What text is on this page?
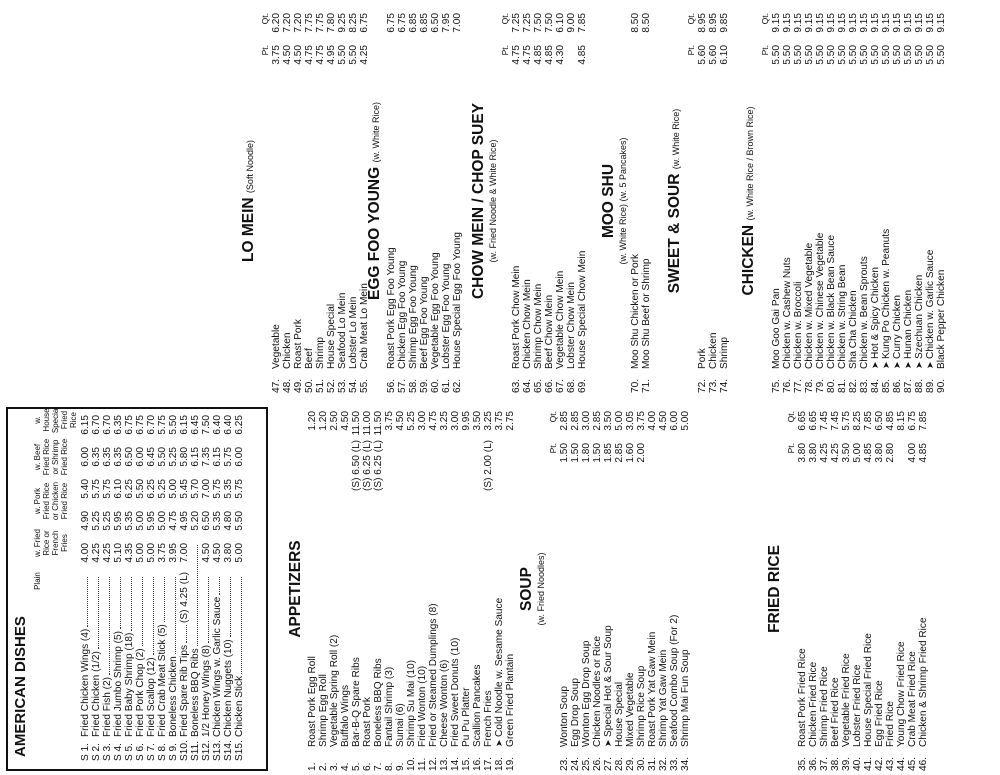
AMERICAN DISHES
Plain
w. Fried Rice or French Fries
w. Pork Fried Rice or Chicken Fried Rice
w. Beef Fried Rice or Shrimp Fried Rice
w. House Special Fried Rice
S 1.
Fried Chicken Wings (4)
4.00
4.90
5.40
6.00
6.15
S 2.
Fried Chicken (1/2)
4.25
5.25
5.75
6.35
6.70
S 3.
Fried Fish (2)
4.25
5.25
5.75
6.35
6.70
S 4.
Fried Jumbo Shrimp (5)
5.10
5.95
6.10
6.35
6.35
S 5.
Fried Baby Shrimp (18)
4.35
5.35
6.25
6.50
6.75
S 6.
Fried Pork Chop (2)
5.00
5.00
5.50
6.00
6.75
S 7.
Fried Scallop (12)
5.00
5.95
6.25
6.45
6.70
S 8.
Fried Crab Meat Stick (5)
3.75
5.00
5.25
5.50
5.75
S 9.
Boneless Chicken
3.95
4.75
5.00
5.25
5.50
S10.
Fried Spare Rib Tips
(S) 4.25 (L)
7.00
4.95
5.45
5.80
6.15
S11.
Boneless BBQ Ribs
5.20
5.70
6.15
6.45
S12.
1/2 Honey Wings (8)
4.50
6.50
7.00
7.35
7.50
S13.
Chicken Wings w. Garlic Sauce
4.50
5.35
5.75
6.15
6.40
S14.
Chicken Nuggets (10)
3.80
4.80
5.35
5.75
6.40
S15.
Chicken Stick
5.00
5.50
5.75
6.00
6.25
APPETIZERS
1.
Roast Pork Egg Roll
1.20
2.
Shrimp Egg Roll
1.20
3.
Vegetable Spring Roll (2)
2.50
4.
Buffalo Wings
4.50
5.
Bar-B-Q Spare Ribs
(S) 6.50 (L)
11.50
6.
Roast Pork
(S) 6.25 (L)
11.00
7.
Boneless BBQ Ribs
(S) 6.25 (L)
11.50
8.
Fantail Shrimp (3)
3.75
9.
Sumai (6)
4.50
10.
Shrimp Su Mai (10)
5.25
11.
Fried Wonton (10)
3.00
12.
Fried or Steamed Dumplings (8)
4.75
13.
Cheese Wonton (6)
3.25
14.
Fried Sweet Donuts (10)
3.00
15.
Pu Pu Platter
9.95
16.
Scallion Pancakes
3.50
17.
French Fries
(S) 2.00 (L)
3.25
18.
➤ Cold Noodle w. Sesame Sauce
3.75
19.
Green Fried Plantain
2.75
SOUP (w. Fried Noodles)
Pt.
Qt.
23.
Wonton Soup
1.50
2.85
24.
Egg Drop Soup
1.50
2.85
25.
Wonton Egg Drop Soup
1.80
3.00
26.
Chicken Noodles or Rice
1.50
2.85
27.
➤ Special Hot & Sour Soup
1.85
3.50
28.
House Special
2.85
5.00
29.
Mixed Vegetable
1.60
3.05
30.
Shrimp Rice Soup
2.00
3.75
31.
Roast Pork Yat Gaw Mein
4.00
32.
Shrimp Yat Gaw Mein
4.50
33.
Seafood Combo Soup (For 2)
6.00
34.
Shrimp Mai Fun Soup
5.00
FRIED RICE
Pt.
Qt.
35.
Roast Pork Fried Rice
3.80
6.65
36.
Chicken Fried Rice
3.80
6.65
37.
Shrimp Fried Rice
4.25
7.45
38.
Beef Fried Rice
4.25
7.45
39.
Vegetable Fried Rice
3.50
5.75
40.
Lobster Fried Rice
5.00
8.25
41.
House Special Fried Rice
4.85
7.85
42.
Egg Fried Rice
3.80
6.50
43.
Fried Rice
2.80
4.85
44.
Young Chow Fried Rice
8.15
45.
Crab Meat Fried Rice
4.00
6.75
46.
Chicken & Shrimp Fried Rice
4.85
7.85
LO MEIN (Soft Noodle)
Pt.
Qt.
47.
Vegetable
3.75
6.20
48.
Chicken
4.50
7.20
49.
Roast Pork
4.50
7.20
50.
Beef
4.75
7.75
51.
Shrimp
4.75
7.75
52.
House Special
4.95
7.80
53.
Seafood Lo Mein
5.50
9.25
54.
Lobster Lo Mein
5.50
8.25
55.
Crab Meat Lo Mein
4.25
6.75
EGG FOO YOUNG (w. White Rice)
56.
Roast Pork Egg Foo Young
6.75
57.
Chicken Egg Foo Young
6.75
58.
Shrimp Egg Foo Young
6.85
59.
Beef Egg Foo Young
6.85
60.
Vegetable Egg Foo Young
6.50
61.
Lobster Egg Foo Young
7.95
62.
House Special Egg Foo Young
7.00
CHOW MEIN / CHOP SUEY (w. Fried Noodle & White Rice)
Pt.
Qt.
63.
Roast Pork Chow Mein
4.75
7.25
64.
Chicken Chow Mein
4.75
7.25
65.
Shrimp Chow Mein
4.85
7.50
66.
Beef Chow Mein
4.85
7.50
67.
Vegetable Chow Mein
4.30
6.10
68.
Lobster Chow Mein
9.00
69.
House Special Chow Mein
4.85
7.85
MOO SHU (w. White Rice) (w. 5 Pancakes)
70.
Moo Shu Chicken or Pork
8.50
71.
Moo Shu Beef or Shrimp
8.50
SWEET & SOUR (w. White Rice)
Pt.
Qt.
72.
Pork
5.60
8.95
73.
Chicken
5.60
8.95
74.
Shrimp
6.10
9.85
CHICKEN (w. White Rice / Brown Rice)
Pt.
Qt.
75.
Moo Goo Gai Pan
5.50
9.15
76.
Chicken w. Cashew Nuts
5.50
9.15
77.
Chicken w. Broccoli
5.50
9.15
78.
Chicken w. Mixed Vegetable
5.50
9.15
79.
Chicken w. Chinese Vegetable
5.50
9.15
80.
Chicken w. Black Bean Sauce
5.50
9.15
81.
Chicken w. String Bean
5.50
9.15
82.
Sha Cha Chicken
5.50
9.15
83.
Chicken w. Bean Sprouts
5.50
9.15
84.
➤ Hot & Spicy Chicken
5.50
9.15
85.
➤ Kung Po Chicken w. Peanuts
5.50
9.15
86.
➤ Curry Chicken
5.50
9.15
87.
➤ Hunan Chicken
5.50
9.15
88.
➤ Szechuan Chicken
5.50
9.15
89.
➤ Chicken w. Garlic Sauce
5.50
9.15
90.
Black Pepper Chicken
5.50
9.15
